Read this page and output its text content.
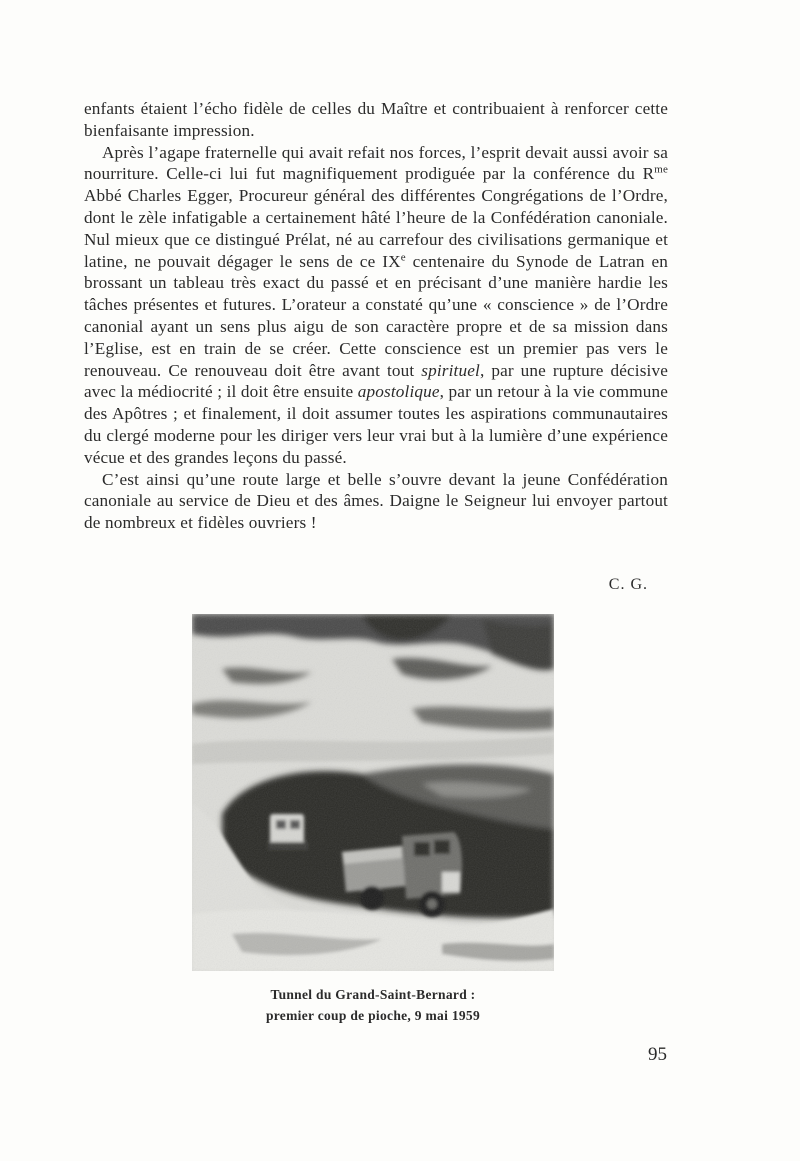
enfants étaient l’écho fidèle de celles du Maître et contribuaient à renforcer cette bienfaisante impression.

Après l’agape fraternelle qui avait refait nos forces, l’esprit devait aussi avoir sa nourriture. Celle-ci lui fut magnifiquement prodiguée par la conférence du $R^{me}$ Abbé Charles Egger, Procureur général des différentes Congrégations de l’Ordre, dont le zèle infatigable a certainement hâté l’heure de la Confédération canoniale. Nul mieux que ce distingué Prélat, né au carrefour des civilisations germanique et latine, ne pouvait dégager le sens de ce IXe centenaire du Synode de Latran en brossant un tableau très exact du passé et en précisant d’une manière hardie les tâches présentes et futures. L’orateur a constaté qu’une « conscience » de l’Ordre canonial ayant un sens plus aigu de son caractère propre et de sa mission dans l’Eglise, est en train de se créer. Cette conscience est un premier pas vers le renouveau. Ce renouveau doit être avant tout spirituel, par une rupture décisive avec la médiocrité ; il doit être ensuite apostolique, par un retour à la vie commune des Apôtres ; et finalement, il doit assumer toutes les aspirations communautaires du clergé moderne pour les diriger vers leur vrai but à la lumière d’une expérience vécue et des grandes leçons du passé.

C’est ainsi qu’une route large et belle s’ouvre devant la jeune Confédération canoniale au service de Dieu et des âmes. Daigne le Seigneur lui envoyer partout de nombreux et fidèles ouvriers !

C. G.
Tunnel du Grand-Saint-Bernard :
premier coup de pioche, 9 mai 1959
95
